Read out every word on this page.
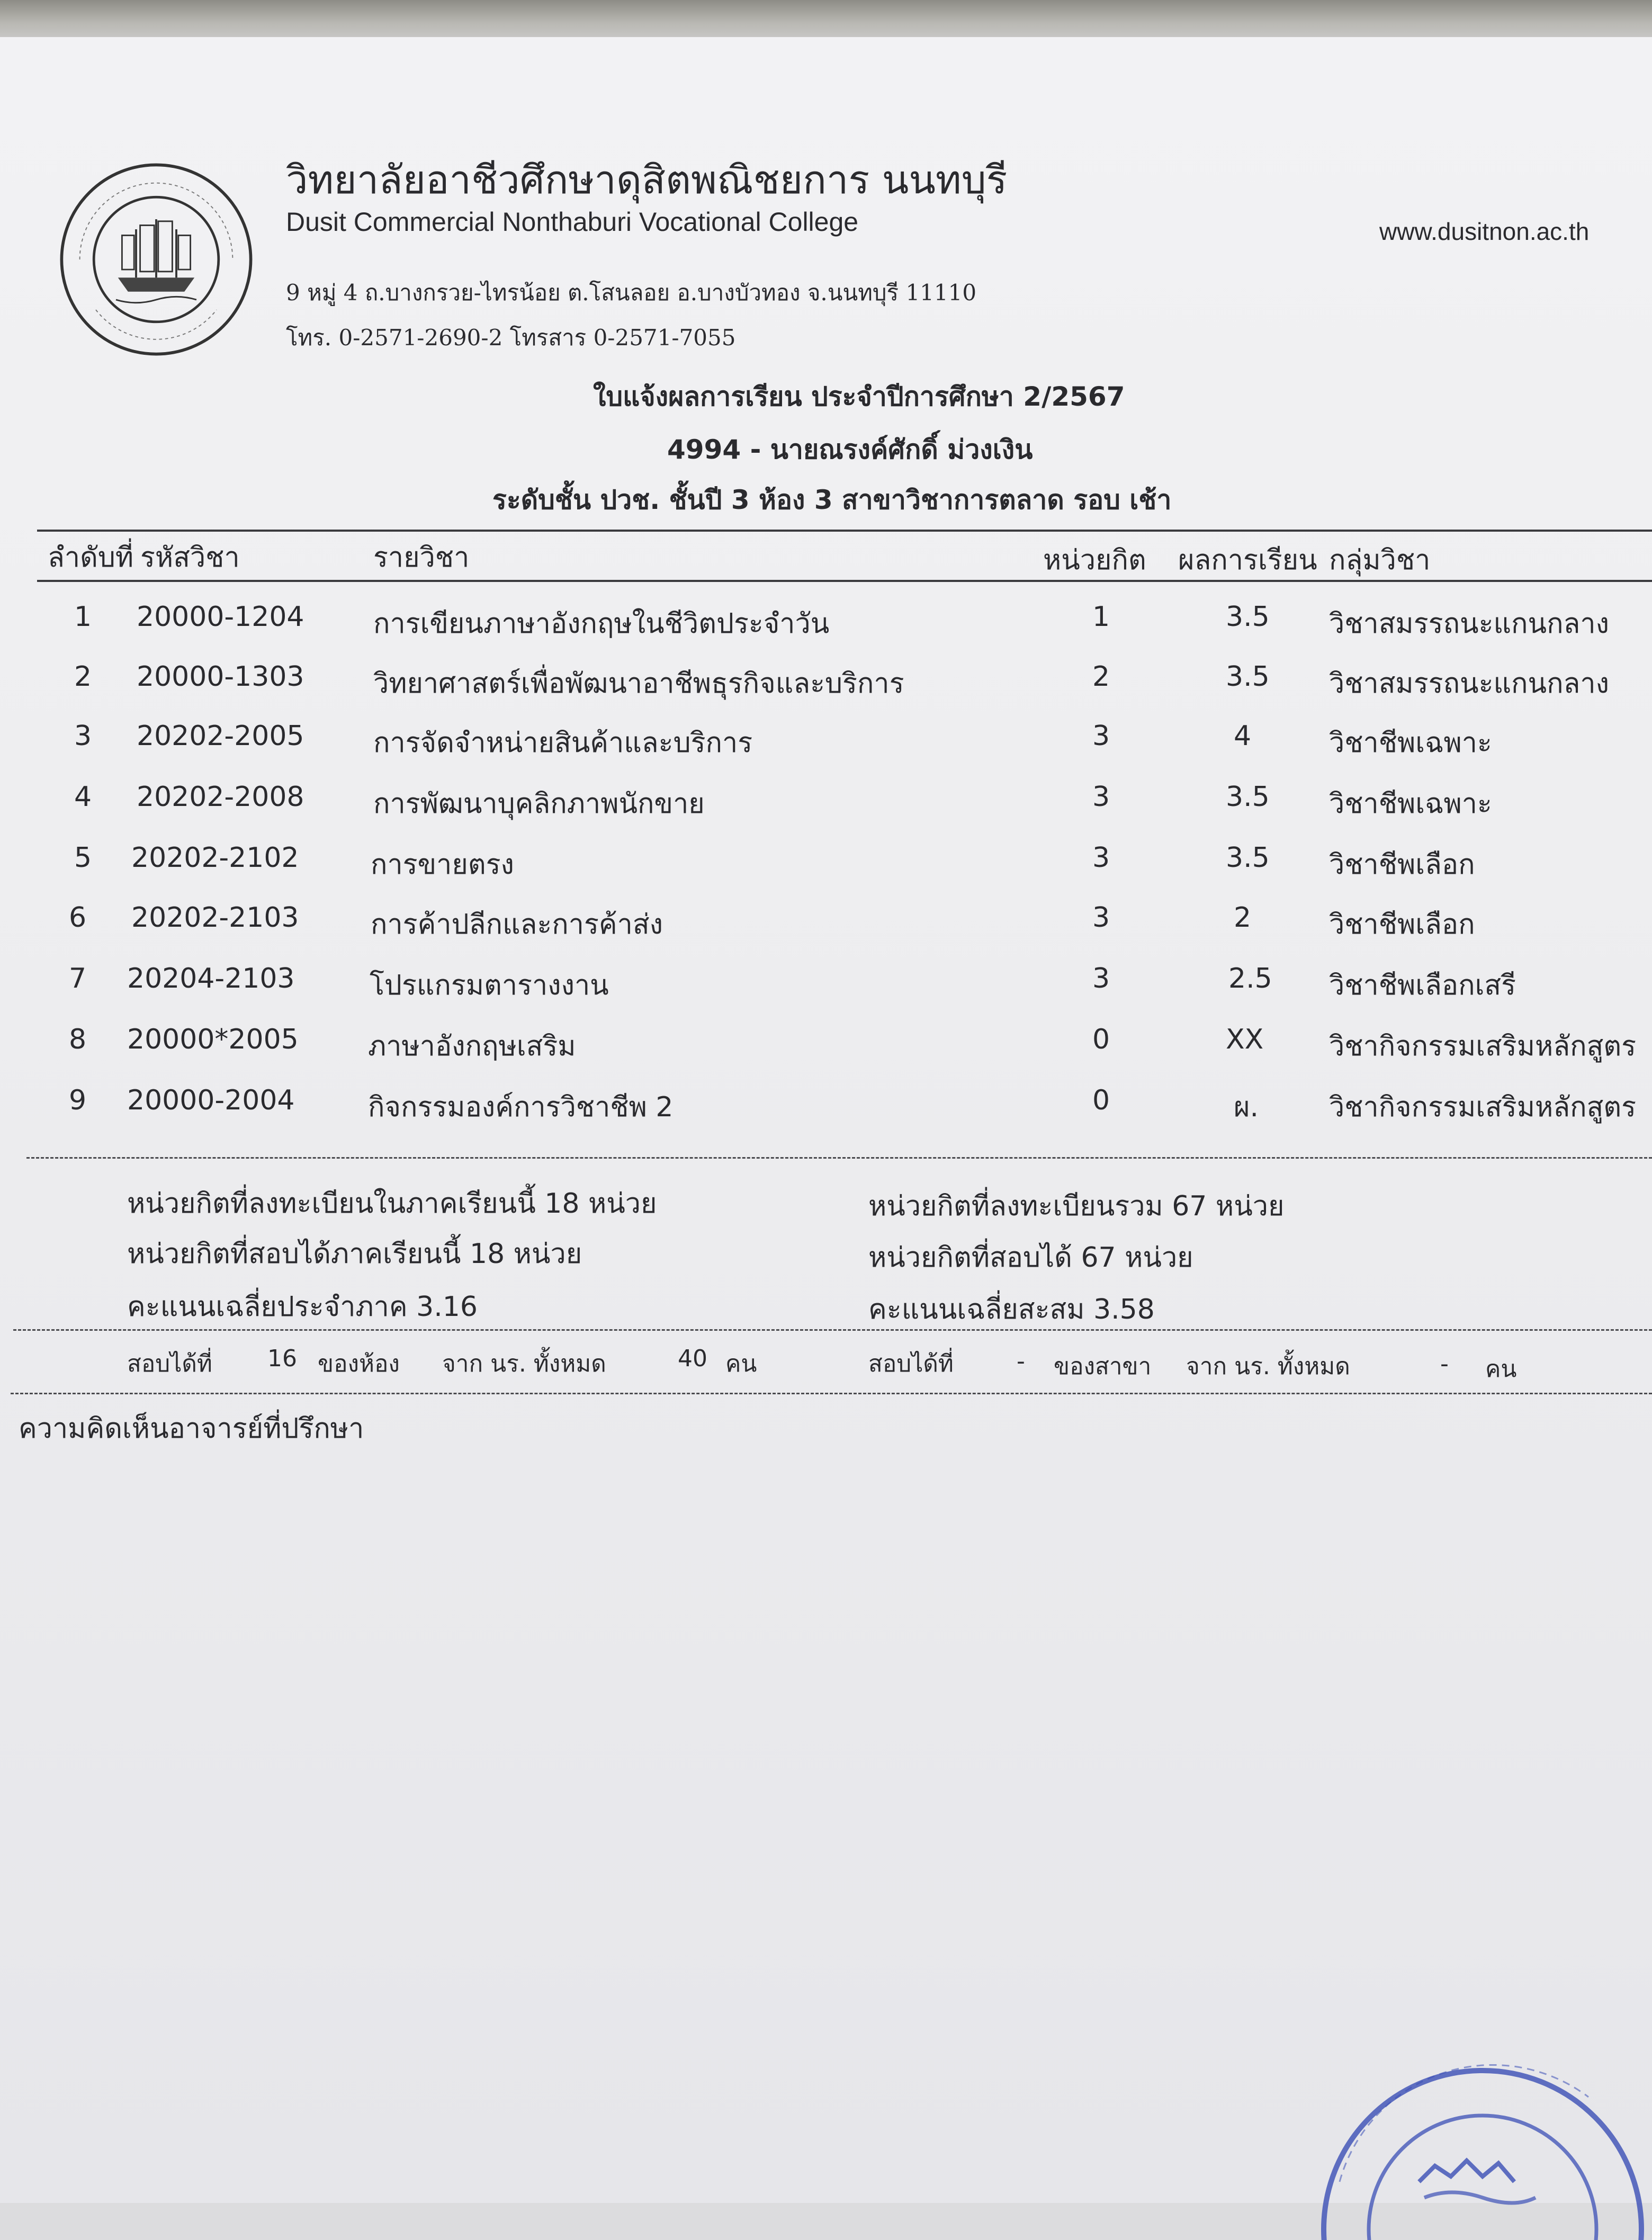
วิทยาลัยอาชีวศึกษาดุสิตพณิชยการ นนทบุรี
Dusit Commercial Nonthaburi Vocational College	www.dusitnon.ac.th
9 หมู่ 4 ถ.บางกรวย-ไทรน้อย ต.โสนลอย อ.บางบัวทอง จ.นนทบุรี 11110
โทร. 0-2571-2690-2 โทรสาร 0-2571-7055
ใบแจ้งผลการเรียน ประจำปีการศึกษา 2/2567
4994 - นายณรงค์ศักดิ์ ม่วงเงิน
ระดับชั้น ปวช. ชั้นปี 3 ห้อง 3 สาขาวิชาการตลาด รอบ เช้า
ลำดับที่ รหัสวิชา	รายวิชา	หน่วยกิต ผลการเรียน กลุ่มวิชา
1 20000-1204	การเขียนภาษาอังกฤษในชีวิตประจำวัน	1	3.5 วิชาสมรรถนะแกนกลาง
2 20000-1303	วิทยาศาสตร์เพื่อพัฒนาอาชีพธุรกิจและบริการ	2	3.5 วิชาสมรรถนะแกนกลาง
3 20202-2005	การจัดจำหน่ายสินค้าและบริการ	3	4	วิชาชีพเฉพาะ
4 20202-2008	การพัฒนาบุคลิกภาพนักขาย	3	3.5 วิชาชีพเฉพาะ
5 20202-2102	การขายตรง	3	3.5 วิชาชีพเลือก
6 20202-2103	การค้าปลีกและการค้าส่ง	3	2	วิชาชีพเลือก
7 20204-2103	โปรแกรมตารางงาน	3	2.5 วิชาชีพเลือกเสรี
8 20000*2005	ภาษาอังกฤษเสริม	0	XX วิชากิจกรรมเสริมหลักสูตร
9 20000-2004	กิจกรรมองค์การวิชาชีพ 2	0	ผ.	วิชากิจกรรมเสริมหลักสูตร
หน่วยกิตที่ลงทะเบียนในภาคเรียนนี้ 18 หน่วย
หน่วยกิตที่สอบได้ภาคเรียนนี้ 18 หน่วย
คะแนนเฉลี่ยประจำภาค 3.16
หน่วยกิตที่ลงทะเบียนรวม 67 หน่วย
หน่วยกิตที่สอบได้ 67 หน่วย
คะแนนเฉลี่ยสะสม 3.58
สอบได้ที่ 16 ของห้อง จาก นร. ทั้งหมด	40 คน	สอบได้ที่	- ของสาขา จาก นร. ทั้งหมด	- คน
ความคิดเห็นอาจารย์ที่ปรึกษา
